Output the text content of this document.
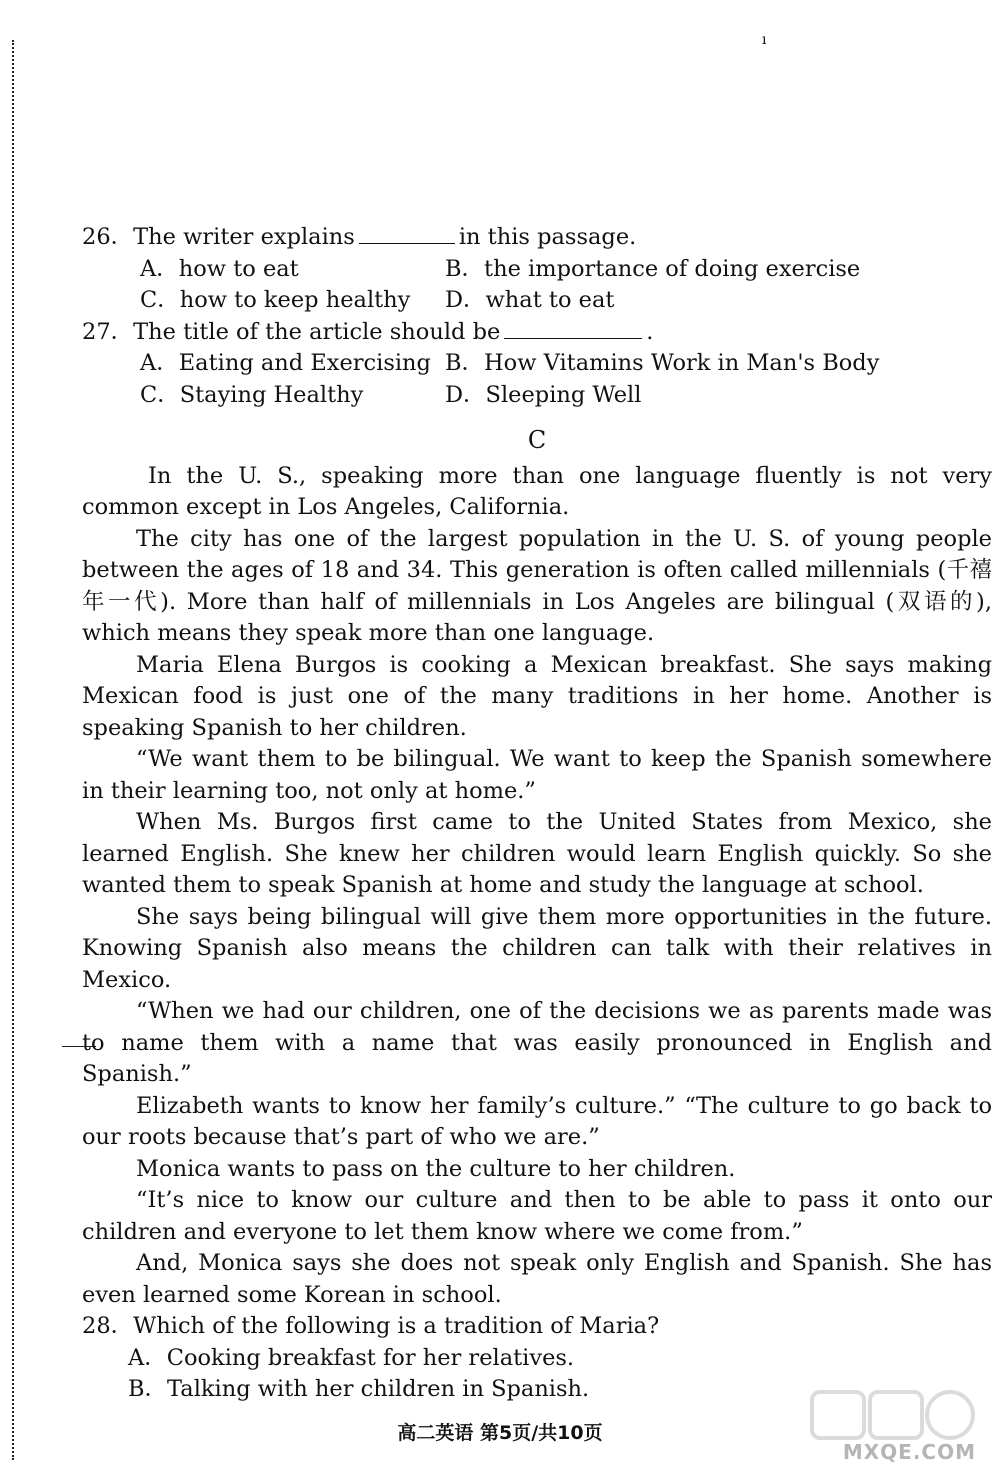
ı

26．The writer explains	in this passage.

A．how to eat	B．the importance of doing exercise
C．how to keep healthy	D．what to eat

27．The title of the article should be	.

A．Eating and Exercising B．How Vitamins Work in Man's Body
C．Staying Healthy	D．Sleeping Well
C

In the U. S., speaking more than one language fluently is not very common except in Los Angeles, California.

The city has one of the largest population in the U. S. of young people between the ages of 18 and 34. This generation is often called millennials (千禧年一代). More than half of millennials in Los Angeles are bilingual (双语的), which means they speak more than one language.

Maria Elena Burgos is cooking a Mexican breakfast. She says making Mexican food is just one of the many traditions in her home. Another is speaking Spanish to her children.

“We want them to be bilingual. We want to keep the Spanish somewhere in their learning too, not only at home.”

When Ms. Burgos first came to the United States from Mexico, she learned English. She knew her children would learn English quickly. So she wanted them to speak Spanish at home and study the language at school.

She says being bilingual will give them more opportunities in the future. Knowing Spanish also means the children can talk with their relatives in Mexico.

“When we had our children, one of the decisions we as parents made was to name them with a name that was easily pronounced in English and Spanish.”

Elizabeth wants to know her family’s culture.” “The culture to go back to our roots because that’s part of who we are.”

Monica wants to pass on the culture to her children.

“It’s nice to know our culture and then to be able to pass it onto our children and everyone to let them know where we come from.”

And, Monica says she does not speak only English and Spanish. She has even learned some Korean in school.

28．Which of the following is a tradition of Maria?

A．Cooking breakfast for her relatives.
B．Talking with her children in Spanish.
高二英语 第5页/共10页
MXQE.COM
